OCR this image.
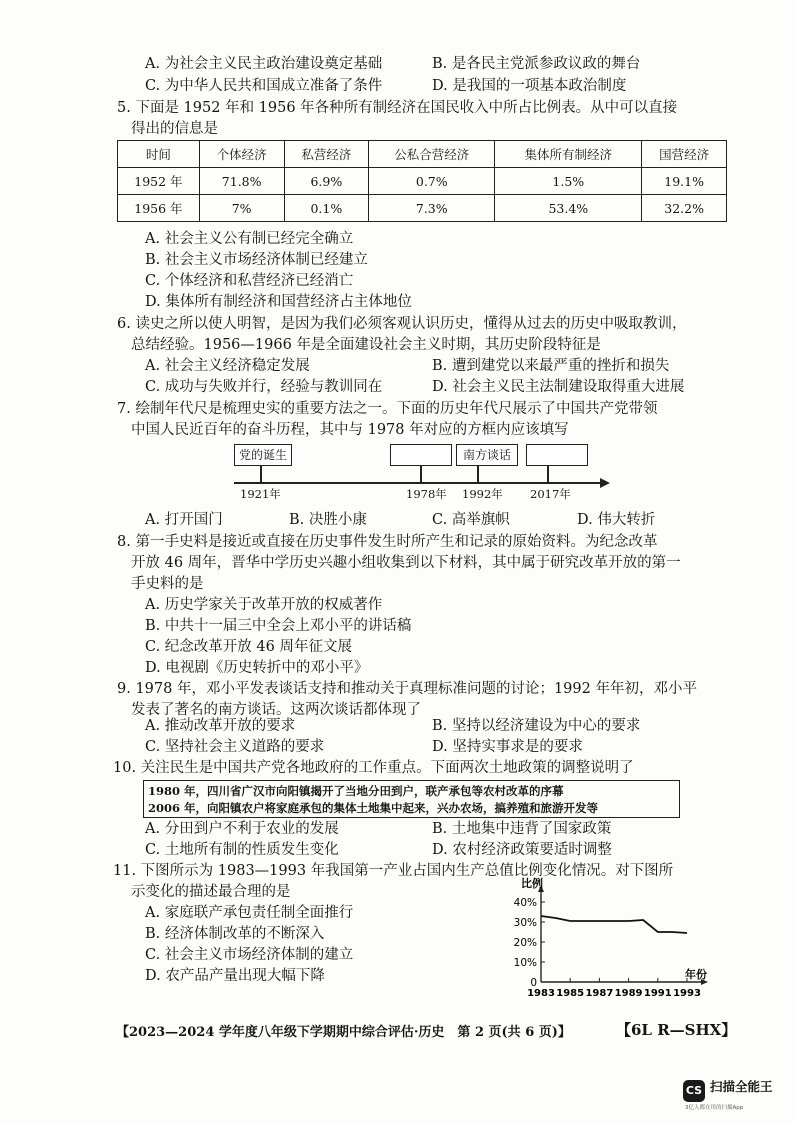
A. 为社会主义民主政治建设奠定基础	B. 是各民主党派参政议政的舞台
C. 为中华人民共和国成立准备了条件	D. 是我国的一项基本政治制度
5. 下面是 1952 年和 1956 年各种所有制经济在国民收入中所占比例表。从中可以直接
得出的信息是
时间	个体经济	私营经济	公私合营经济	集体所有制经济	国营经济
1952 年	71.8%	6.9%	0.7%	1.5%	19.1%
1956 年	7%	0.1%	7.3%	53.4%	32.2%
A. 社会主义公有制已经完全确立
B. 社会主义市场经济体制已经建立
C. 个体经济和私营经济已经消亡
D. 集体所有制经济和国营经济占主体地位
6. 读史之所以使人明智，是因为我们必须客观认识历史，懂得从过去的历史中吸取教训，
总结经验。1956—1966 年是全面建设社会主义时期，其历史阶段特征是
A. 社会主义经济稳定发展	B. 遭到建党以来最严重的挫折和损失
C. 成功与失败并行，经验与教训同在	D. 社会主义民主法制建设取得重大进展
7. 绘制年代尺是梳理史实的重要方法之一。下面的历史年代尺展示了中国共产党带领
中国人民近百年的奋斗历程，其中与 1978 年对应的方框内应该填写
党的诞生	南方谈话
1921年	1978年 1992年 2017年
A. 打开国门	B. 决胜小康	C. 高举旗帜	D. 伟大转折
8. 第一手史料是接近或直接在历史事件发生时所产生和记录的原始资料。为纪念改革
开放 46 周年，晋华中学历史兴趣小组收集到以下材料，其中属于研究改革开放的第一
手史料的是
A. 历史学家关于改革开放的权威著作
B. 中共十一届三中全会上邓小平的讲话稿
C. 纪念改革开放 46 周年征文展
D. 电视剧《历史转折中的邓小平》
9. 1978 年，邓小平发表谈话支持和推动关于真理标准问题的讨论；1992 年年初，邓小平
发表了著名的南方谈话。这两次谈话都体现了
A. 推动改革开放的要求	B. 坚持以经济建设为中心的要求
C. 坚持社会主义道路的要求	D. 坚持实事求是的要求
10. 关注民生是中国共产党各地政府的工作重点。下面两次土地政策的调整说明了
1980 年，四川省广汉市向阳镇揭开了当地分田到户，联产承包等农村改革的序幕
2006 年，向阳镇农户将家庭承包的集体土地集中起来，兴办农场，搞养殖和旅游开发等
A. 分田到户不利于农业的发展	B. 土地集中违背了国家政策
C. 土地所有制的性质发生变化	D. 农村经济政策要适时调整
11. 下图所示为 1983—1993 年我国第一产业占国内生产总值比例变化情况。对下图所
示变化的描述最合理的是
A. 家庭联产承包责任制全面推行
B. 经济体制改革的不断深入
C. 社会主义市场经济体制的建立
D. 农产品产量出现大幅下降
比例
年份
40%
30%
20%
10%
0
1983 1985 1987 1989 1991 1993
【2023—2024 学年度八年级下学期期中综合评估·历史　第 2 页(共 6 页)】	【6L R—SHX】
CS 扫描全能王
3亿人都在用的扫描App
